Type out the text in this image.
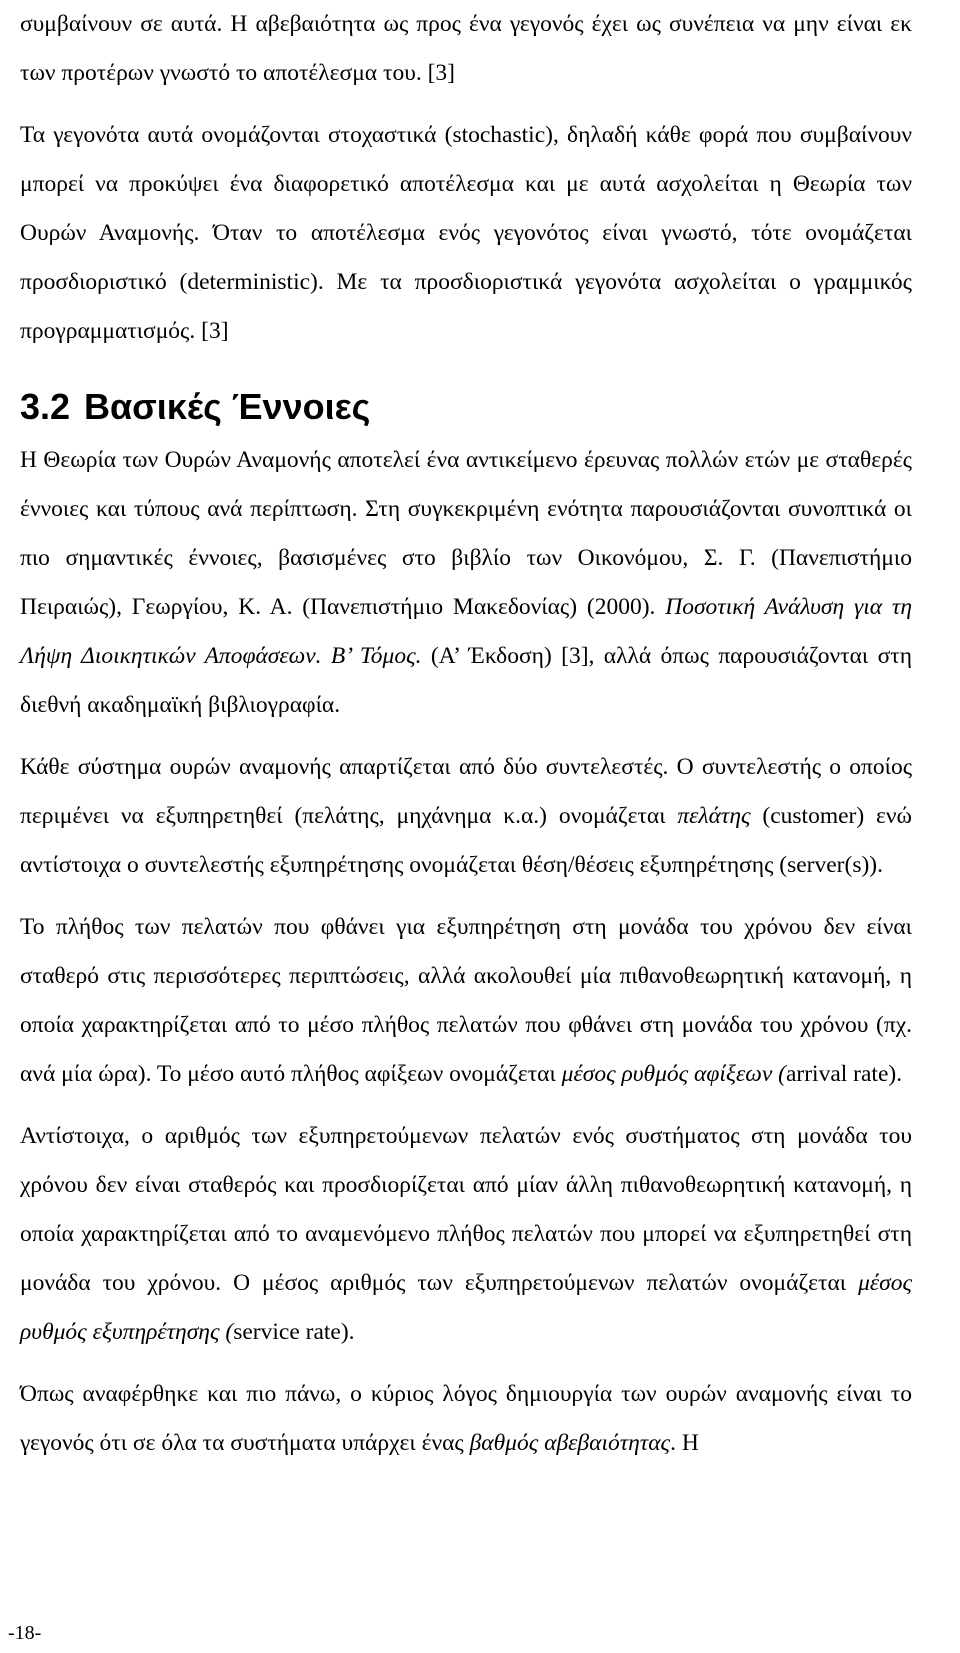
συμβαίνουν σε αυτά. Η αβεβαιότητα ως προς ένα γεγονός έχει ως συνέπεια να μην είναι εκ των προτέρων γνωστό το αποτέλεσμα του. [3]

Τα γεγονότα αυτά ονομάζονται στοχαστικά (stochastic), δηλαδή κάθε φορά που συμβαίνουν μπορεί να προκύψει ένα διαφορετικό αποτέλεσμα και με αυτά ασχολείται η Θεωρία των Ουρών Αναμονής. Όταν το αποτέλεσμα ενός γεγονότος είναι γνωστό, τότε ονομάζεται προσδιοριστικό (deterministic). Με τα προσδιοριστικά γεγονότα ασχολείται ο γραμμικός προγραμματισμός. [3]

3.2 Βασικές Έννοιες

Η Θεωρία των Ουρών Αναμονής αποτελεί ένα αντικείμενο έρευνας πολλών ετών με σταθερές έννοιες και τύπους ανά περίπτωση. Στη συγκεκριμένη ενότητα παρουσιάζονται συνοπτικά οι πιο σημαντικές έννοιες, βασισμένες στο βιβλίο των Οικονόμου, Σ. Γ. (Πανεπιστήμιο Πειραιώς), Γεωργίου, Κ. Α. (Πανεπιστήμιο Μακεδονίας) (2000). Ποσοτική Ανάλυση για τη Λήψη Διοικητικών Αποφάσεων. Β’ Τόμος. (Α’ Έκδοση) [3], αλλά όπως παρουσιάζονται στη διεθνή ακαδημαϊκή βιβλιογραφία.

Κάθε σύστημα ουρών αναμονής απαρτίζεται από δύο συντελεστές. Ο συντελεστής ο οποίος περιμένει να εξυπηρετηθεί (πελάτης, μηχάνημα κ.α.) ονομάζεται πελάτης (customer) ενώ αντίστοιχα ο συντελεστής εξυπηρέτησης ονομάζεται θέση/θέσεις εξυπηρέτησης (server(s)).

Το πλήθος των πελατών που φθάνει για εξυπηρέτηση στη μονάδα του χρόνου δεν είναι σταθερό στις περισσότερες περιπτώσεις, αλλά ακολουθεί μία πιθανοθεωρητική κατανομή, η οποία χαρακτηρίζεται από το μέσο πλήθος πελατών που φθάνει στη μονάδα του χρόνου (πχ. ανά μία ώρα). Το μέσο αυτό πλήθος αφίξεων ονομάζεται μέσος ρυθμός αφίξεων (arrival rate).

Αντίστοιχα, ο αριθμός των εξυπηρετούμενων πελατών ενός συστήματος στη μονάδα του χρόνου δεν είναι σταθερός και προσδιορίζεται από μίαν άλλη πιθανοθεωρητική κατανομή, η οποία χαρακτηρίζεται από το αναμενόμενο πλήθος πελατών που μπορεί να εξυπηρετηθεί στη μονάδα του χρόνου. Ο μέσος αριθμός των εξυπηρετούμενων πελατών ονομάζεται μέσος ρυθμός εξυπηρέτησης (service rate).

Όπως αναφέρθηκε και πιο πάνω, ο κύριος λόγος δημιουργία των ουρών αναμονής είναι το γεγονός ότι σε όλα τα συστήματα υπάρχει ένας βαθμός αβεβαιότητας. Η

-18-
